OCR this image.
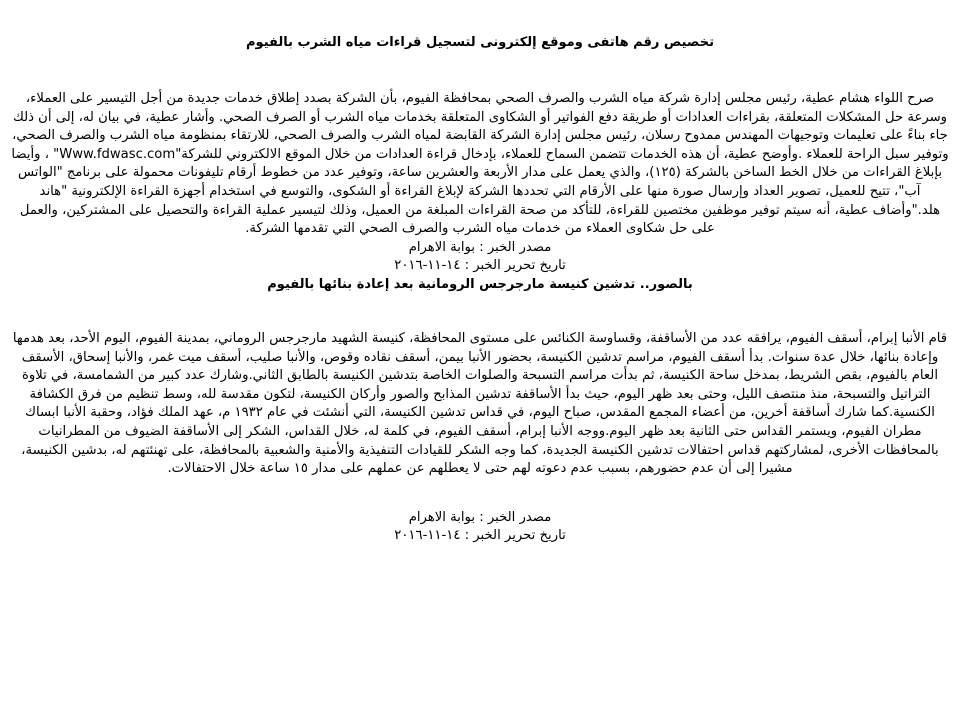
تخصيص رقم هاتفى وموقع إلكترونى لتسجيل قراءات مياه الشرب بالفيوم

صرح اللواء هشام عطية، رئيس مجلس إدارة شركة مياه الشرب والصرف الصحي بمحافظة الفيوم، بأن الشركة بصدد إطلاق خدمات جديدة من أجل التيسير على العملاء، وسرعة حل المشكلات المتعلقة، بقراءات العدادات أو طريقة دفع الفواتير أو الشكاوى المتعلقة بخدمات مياه الشرب أو الصرف الصحي. وأشار عطية، في بيان له، إلى أن ذلك جاء بناءً على تعليمات وتوجيهات المهندس ممدوح رسلان، رئيس مجلس إدارة الشركة القابضة لمياه الشرب والصرف الصحي، للارتقاء بمنظومة مياه الشرب والصرف الصحي، وتوفير سبل الراحة للعملاء .وأوضح عطية، أن هذه الخدمات تتضمن السماح للعملاء، بإدخال قراءة العدادات من خلال الموقع الالكتروني للشركة"Www.fdwasc.com" ، وأيضا بإبلاغ القراءات من خلال الخط الساخن بالشركة (١٢٥)، والذي يعمل على مدار الأربعة والعشرين ساعة، وتوفير عدد من خطوط أرقام تليفونات محمولة على برنامج "الواتس آب"، تتيح للعميل، تصوير العداد وإرسال صورة منها على الأرقام التي تحددها الشركة لإبلاغ القراءة أو الشكوى، والتوسع في استخدام أجهزة القراءة الإلكترونية "هاند هلد."وأضاف عطية، أنه سيتم توفير موظفين مختصين للقراءة، للتأكد من صحة القراءات المبلغة من العميل، وذلك لتيسير عملية القراءة والتحصيل على المشتركين، والعمل على حل شكاوى العملاء من خدمات مياه الشرب والصرف الصحي التي تقدمها الشركة.

مصدر الخبر : بوابة الاهرام

تاريخ تحرير الخبر : ١٤-١١-٢٠١٦

بالصور.. تدشين كنيسة مارجرجس الرومانية بعد إعادة بنائها بالفيوم

قام الأنبا إبرام، أسقف الفيوم، يرافقه عدد من الأساقفة، وقساوسة الكنائس على مستوى المحافظة، كنيسة الشهيد مارجرجس الروماني، بمدينة الفيوم، اليوم الأحد، بعد هدمها وإعادة بنائها، خلال عدة سنوات. بدأ أسقف الفيوم، مراسم تدشين الكنيسة، بحضور الأنبا بيمن، أسقف نقاده وقوص، والأنبا صليب، أسقف ميت غمر، والأنبا إسحاق، الأسقف العام بالفيوم، بقص الشريط، بمدخل ساحة الكنيسة، ثم بدأت مراسم التسبحة والصلوات الخاصة بتدشين الكنيسة بالطابق الثاني.وشارك عدد كبير من الشمامسة، في تلاوة التراتيل والتسبحة، منذ منتصف الليل، وحتى بعد ظهر اليوم، حيث بدأ الأساقفة تدشين المذابح والصور وأركان الكنيسة، لتكون مقدسة لله، وسط تنظيم من فرق الكشافة الكنسية.كما شارك أساقفة أخرين، من أعضاء المجمع المقدس، صباح اليوم، في قداس تدشين الكنيسة، التي أنشئت في عام ١٩٣٢ م، عهد الملك فؤاد، وحقبة الأنبا ابساك مطران الفيوم، ويستمر القداس حتى الثانية بعد ظهر اليوم.ووجه الأنبا إبرام، أسقف الفيوم، في كلمة له، خلال القداس، الشكر إلى الأساقفة الضيوف من المطرانيات بالمحافظات الأخرى، لمشاركتهم قداس احتفالات تدشين الكنيسة الجديدة، كما وجه الشكر للقيادات التنفيذية والأمنية والشعبية بالمحافظة، على تهنئتهم له، بدشين الكنيسة، مشيرا إلى أن عدم حضورهم، بسبب عدم دعوته لهم حتى لا يعطلهم عن عملهم على مدار ١٥ ساعة خلال الاحتفالات.

مصدر الخبر : بوابة الاهرام

تاريخ تحرير الخبر : ١٤-١١-٢٠١٦
